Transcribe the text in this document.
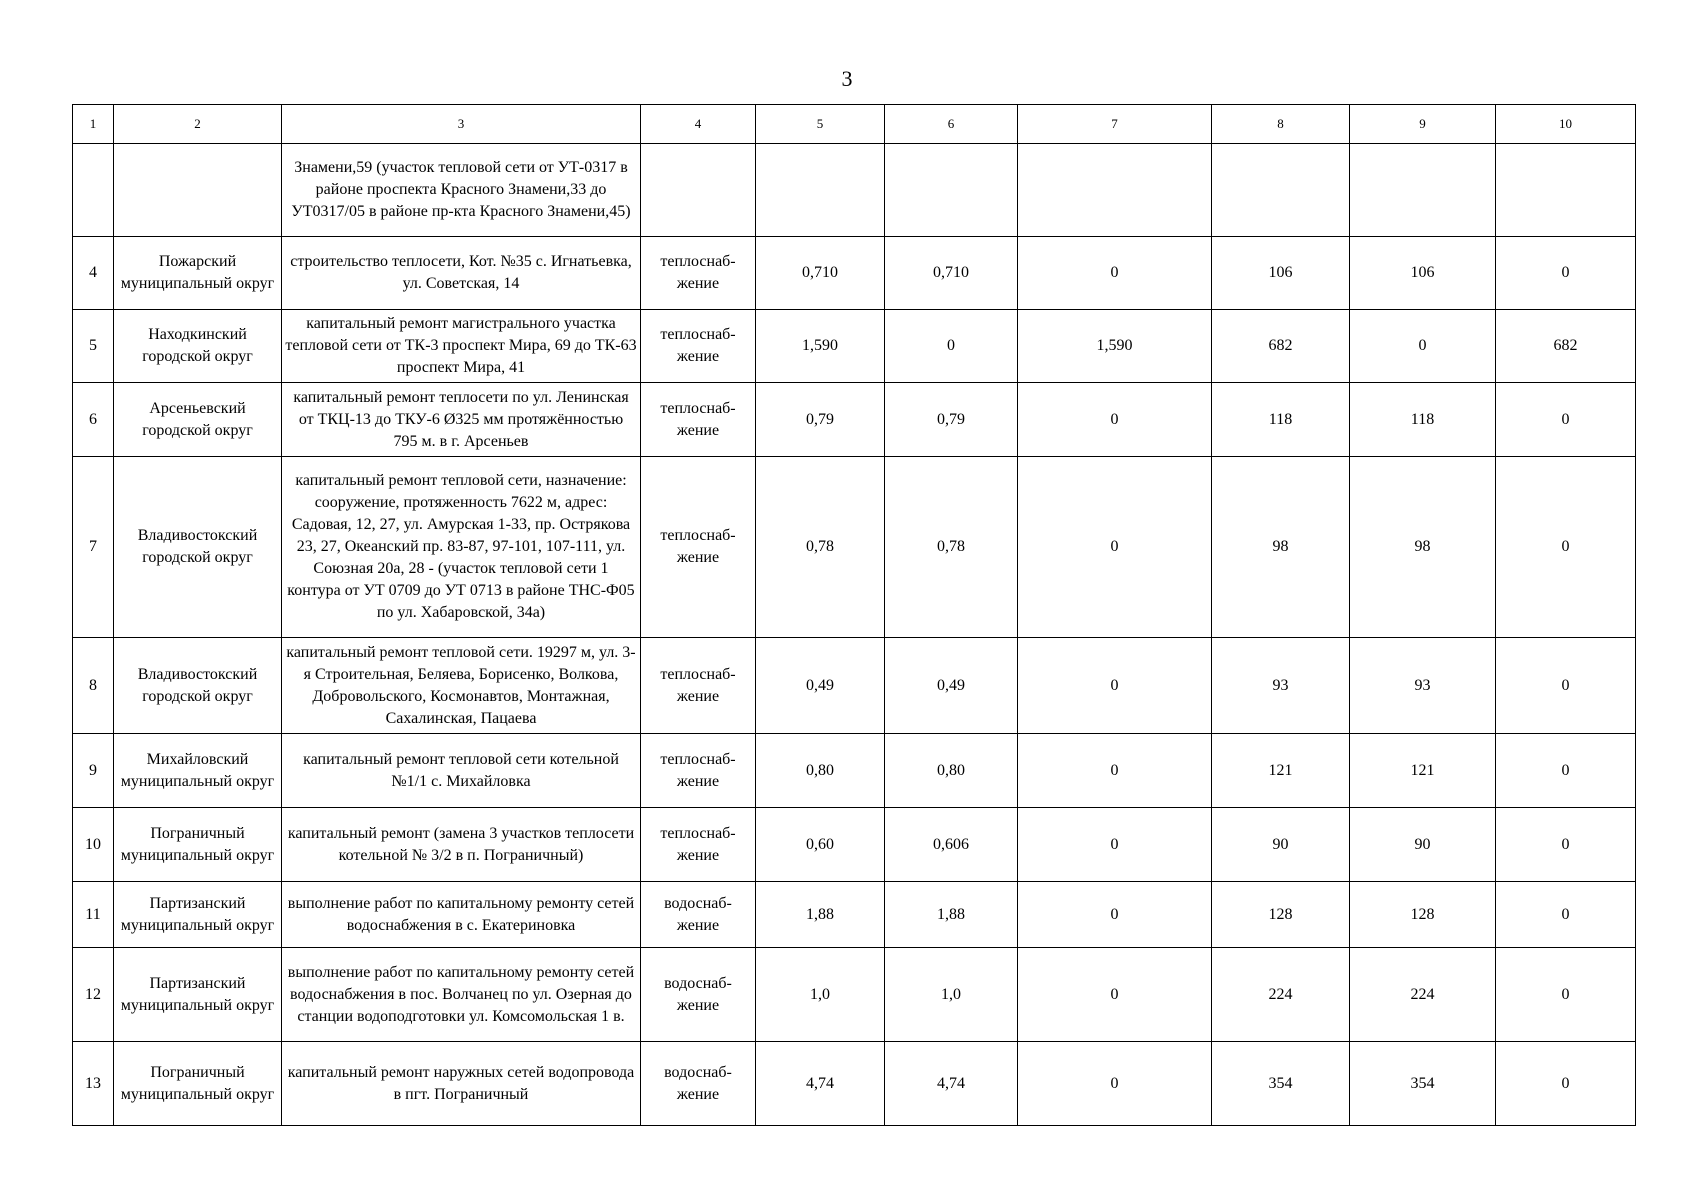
3
1	2	3	4	5	6	7	8	9	10
		Знамени,59 (участок тепловой сети от УТ-0317 в районе проспекта Красного Знамени,33 до УТ0317/05 в районе пр-кта Красного Знамени,45)							
4	Пожарский муниципальный округ	строительство теплосети, Кот. №35 с. Игнатьевка, ул. Советская, 14	теплоснаб-жение	0,710	0,710	0	106	106	0
5	Находкинский городской округ	капитальный ремонт магистрального участка тепловой сети от ТК-3 проспект Мира, 69 до ТК-63 проспект Мира, 41	теплоснаб-жение	1,590	0	1,590	682	0	682
6	Арсеньевский городской округ	капитальный ремонт теплосети по ул. Ленинская от ТКЦ-13 до ТКУ-6 Ø325 мм протяжённостью 795 м. в г. Арсеньев	теплоснаб-жение	0,79	0,79	0	118	118	0
7	Владивостокский городской округ	капитальный ремонт тепловой сети, назначение: сооружение, протяженность 7622 м, адрес: Садовая, 12, 27, ул. Амурская 1-33, пр. Острякова 23, 27, Океанский пр. 83-87, 97-101, 107-111, ул. Союзная 20а, 28 - (участок тепловой сети 1 контура от УТ 0709 до УТ 0713 в районе ТНС-Ф05 по ул. Хабаровской, 34а)	теплоснаб-жение	0,78	0,78	0	98	98	0
8	Владивостокский городской округ	капитальный ремонт тепловой сети. 19297 м, ул. 3-я Строительная, Беляева, Борисенко, Волкова, Добровольского, Космонавтов, Монтажная, Сахалинская, Пацаева	теплоснаб-жение	0,49	0,49	0	93	93	0
9	Михайловский муниципальный округ	капитальный ремонт тепловой сети котельной №1/1 с. Михайловка	теплоснаб-жение	0,80	0,80	0	121	121	0
10	Пограничный муниципальный округ	капитальный ремонт (замена 3 участков теплосети котельной № 3/2 в п. Пограничный)	теплоснаб-жение	0,60	0,606	0	90	90	0
11	Партизанский муниципальный округ	выполнение работ по капитальному ремонту сетей водоснабжения в с. Екатериновка	водоснаб-жение	1,88	1,88	0	128	128	0
12	Партизанский муниципальный округ	выполнение работ по капитальному ремонту сетей водоснабжения в пос. Волчанец по ул. Озерная до станции водоподготовки ул. Комсомольская 1 в.	водоснаб-жение	1,0	1,0	0	224	224	0
13	Пограничный муниципальный округ	капитальный ремонт наружных сетей водопровода в пгт. Пограничный	водоснаб-жение	4,74	4,74	0	354	354	0
